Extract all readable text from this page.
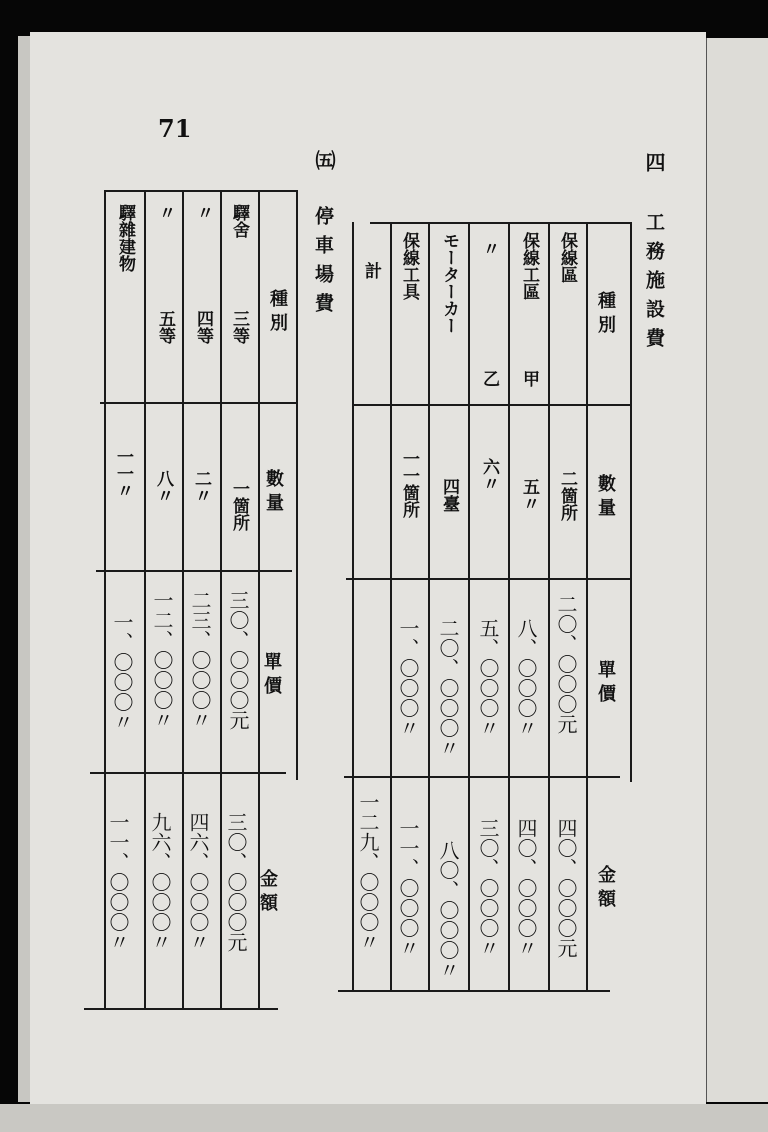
71
四
工務施設費
㈤
停車場費	種 別
數 量
單 價
金 額
保線區
保線工區
甲
〃
乙
モーターカー
保線工具
計
二箇所
五〃
六〃
四臺
一一箇所
二〇、〇〇〇元
八、〇〇〇〃
五、〇〇〇〃
二〇、〇〇〇〃
一、〇〇〇〃
四〇、〇〇〇元
四〇、〇〇〇〃
三〇、〇〇〇〃
八〇、〇〇〇〃
一一、〇〇〇〃
一二九、〇〇〇〃
種 別
數 量
單 價
金 額
驛舍
三等
〃
四等
〃
五等
驛雜建物
一箇所
二〃
八〃
一一〃
三〇、〇〇〇元
二三、〇〇〇〃
一二、〇〇〇〃
一、〇〇〇〃
三〇、〇〇〇元
四六、〇〇〇〃
九六、〇〇〇〃
一一、〇〇〇〃
